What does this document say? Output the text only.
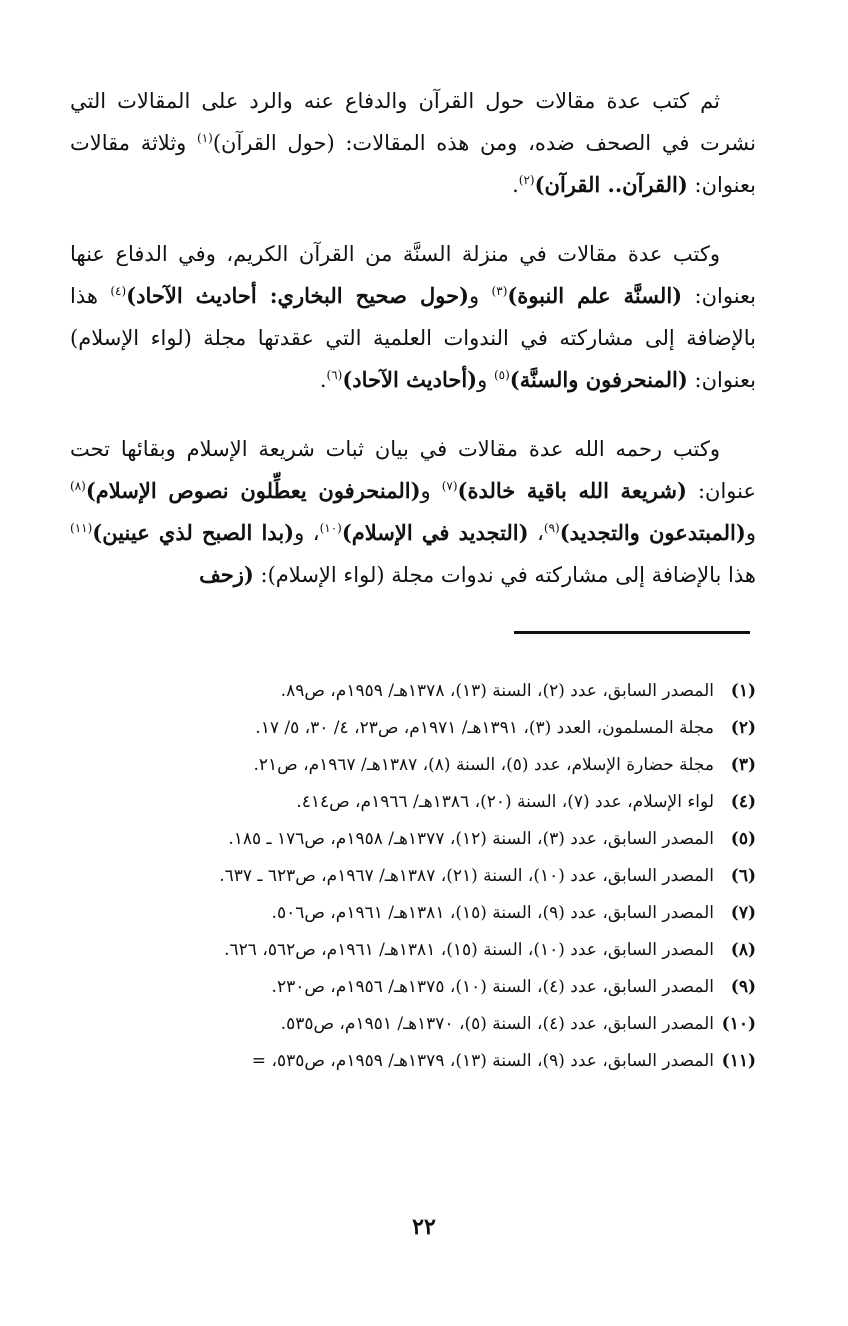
ثم كتب عدة مقالات حول القرآن والدفاع عنه والرد على المقالات التي نشرت في الصحف ضده، ومن هذه المقالات: (حول القرآن)$^{(١)}$ وثلاثة مقالات بعنوان: (القرآن.. القرآن)$^{(٢)}$.

وكتب عدة مقالات في منزلة السنَّة من القرآن الكريم، وفي الدفاع عنها بعنوان: (السنَّة علم النبوة)$^{(٣)}$ و(حول صحيح البخاري: أحاديث الآحاد)$^{(٤)}$ هذا بالإضافة إلى مشاركته في الندوات العلمية التي عقدتها مجلة (لواء الإسلام) بعنوان: (المنحرفون والسنَّة)$^{(٥)}$ و(أحاديث الآحاد)$^{(٦)}$.

وكتب رحمه الله عدة مقالات في بيان ثبات شريعة الإسلام وبقائها تحت عنوان: (شريعة الله باقية خالدة)$^{(٧)}$ و(المنحرفون يعطِّلون نصوص الإسلام)$^{(٨)}$ و(المبتدعون والتجديد)$^{(٩)}$، (التجديد في الإسلام)$^{(١٠)}$، و(بدا الصبح لذي عينين)$^{(١١)}$ هذا بالإضافة إلى مشاركته في ندوات مجلة (لواء الإسلام): (زحف

(١)
المصدر السابق، عدد (٢)، السنة (١٣)، ١٣٧٨هـ/ ١٩٥٩م، ص٨٩.
(٢)
مجلة المسلمون، العدد (٣)، ١٣٩١هـ/ ١٩٧١م، ص٢٣، ٤/ ٣٠، ٥/ ١٧.
(٣)
مجلة حضارة الإسلام، عدد (٥)، السنة (٨)، ١٣٨٧هـ/ ١٩٦٧م، ص٢١.
(٤)
لواء الإسلام، عدد (٧)، السنة (٢٠)، ١٣٨٦هـ/ ١٩٦٦م، ص٤١٤.
(٥)
المصدر السابق، عدد (٣)، السنة (١٢)، ١٣٧٧هـ/ ١٩٥٨م، ص١٧٦ ـ ١٨٥.
(٦)
المصدر السابق، عدد (١٠)، السنة (٢١)، ١٣٨٧هـ/ ١٩٦٧م، ص٦٢٣ ـ ٦٣٧.
(٧)
المصدر السابق، عدد (٩)، السنة (١٥)، ١٣٨١هـ/ ١٩٦١م، ص٥٠٦.
(٨)
المصدر السابق، عدد (١٠)، السنة (١٥)، ١٣٨١هـ/ ١٩٦١م، ص٥٦٢، ٦٢٦.
(٩)
المصدر السابق، عدد (٤)، السنة (١٠)، ١٣٧٥هـ/ ١٩٥٦م، ص٢٣٠.
(١٠)
المصدر السابق، عدد (٤)، السنة (٥)، ١٣٧٠هـ/ ١٩٥١م، ص٥٣٥.
(١١)
المصدر السابق، عدد (٩)، السنة (١٣)، ١٣٧٩هـ/ ١٩٥٩م، ص٥٣٥، =
٢٢
